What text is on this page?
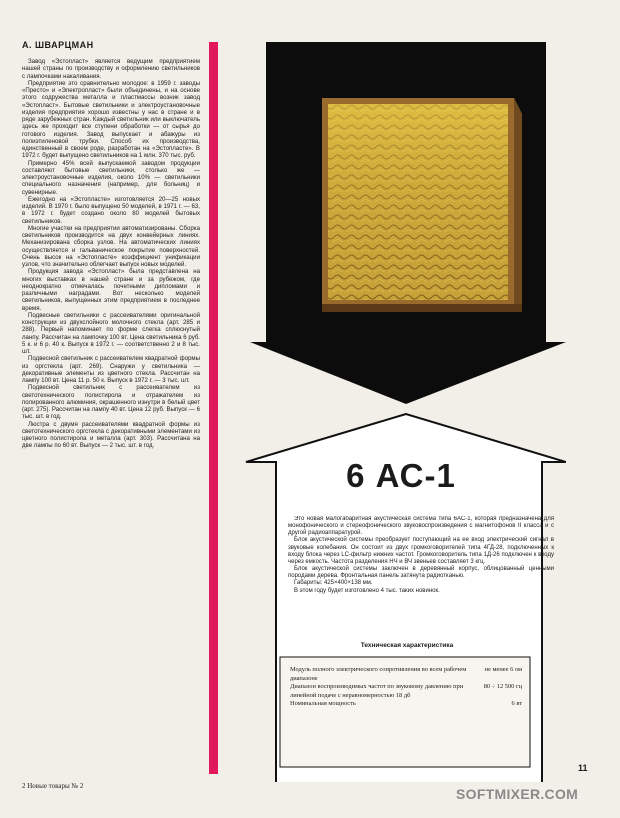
А. ШВАРЦМАН

Завод «Эстопласт» является ведущим предприятием нашей страны по производству и оформлению светильников с лампочками накаливания.

Предприятие это сравнительно молодое: в 1959 г. заводы «Престо» и «Электропласт» были объединены, и на основе этого содружества металла и пластмассы возник завод «Эстопласт». Бытовые светильники и электроустановочные изделия предприятия хорошо известны у нас в стране и в ряде зарубежных стран. Каждый светильник или выключатель здесь же проходит все ступени обработки — от сырья до готового изделия. Завод выпускает и абажуры из полиэтиленовой трубки. Способ их производства, единственный в своем роде, разработан на «Эстопласте». В 1972 г. будет выпущено светильников на 1 млн. 370 тыс. руб.

Примерно 45% всей выпускаемой заводом продукции составляют бытовые светильники, столько же — электроустановочные изделия, около 10% — светильники специального назначения (например, для больниц) и сувенирные.

Ежегодно на «Эстопласте» изготовляется 20—25 новых изделий. В 1970 г. было выпущено 50 моделей, в 1971 г. — 63, в 1972 г. будет создано около 80 моделей бытовых светильников.

Многие участки на предприятии автоматизированы. Сборка светильников производится на двух конвейерных линиях. Механизирована сборка узлов. На автоматических линиях осуществляется и гальваническое покрытие поверхностей. Очень высок на «Эстопласте» коэффициент унификации узлов, что значительно облегчает выпуск новых моделей.

Продукция завода «Эстопласт» была представлена на многих выставках в нашей стране и за рубежом, где неоднократно отмечалась почетными дипломами и различными наградами. Вот несколько моделей светильников, выпущенных этим предприятием в последнее время.

Подвесные светильники с рассеивателями оригинальной конструкции из двухслойного молочного стекла (арт. 285 и 288). Первый напоминает по форме слегка сплюснутый ланпу. Рассчитан на лампочку 100 вт. Цена светильника 6 руб. 5 к. и 6 р. 40 к. Выпуск в 1972 г. — соответственно 2 и 8 тыс. шт.

Подвесной светильник с рассеивателем квадратной формы из оргстекла (арт. 269). Снаружи у светильника — декоративные элементы из цветного стекла. Рассчитан на лампу 100 вт. Цена 11 р. 50 к. Выпуск в 1972 г. — 3 тыс. шт.

Подвесной светильник с рассеивателем из светотехнического полистирола и отражателем из полированного алюминия, окрашенного изнутри в белый цвет (арт. 275). Рассчитан на лампу 40 вт. Цена 12 руб. Выпуск — 6 тыс. шт. в год.

Люстра с двумя рассеивателями квадратной формы из светотехнического оргстекла с декоративными элементами из цветного полистирола и металла (арт. 303). Рассчитана на две лампы по 60 вт. Выпуск — 2 тыс. шт. в год.

6 АС-1

Это новая малогабаритная акустическая система типа 6АС-1, которая предназначена для монофонического и стереофонического звуковоспроизведения с магнитофонов II класса и с другой радиоаппаратурой.

Блок акустической системы преобразует поступающий на ее вход электрический сигнал в звуковые колебания. Он состоит из двух громкоговорителей типа 4ГД-28, подключенных к входу блока через LC-фильтр нижних частот. Громкоговоритель типа 1Д-26 подключен к входу через емкость. Частота разделения НЧ и ВЧ звеньев составляет 3 кгц.

Блок акустической системы заключен в деревянный корпус, облицованный ценными породами дерева. Фронтальная панель затянута радиотканью.

Габариты: 425×400×138 мм.

В этом году будет изготовлено 4 тыс. таких новинок.

Техническая характеристика
Модуль полного электрического сопротивления во всем рабочем диапазоне
не менее 6 ом
Диапазон воспроизводимых частот по звуковому давлению при линейной подаче с неравномерностью 18 дб
80 ÷ 12 500 гц
Номинальная мощность	6 вт
11
2 Новые товары № 2	SOFTMIXER.COM
